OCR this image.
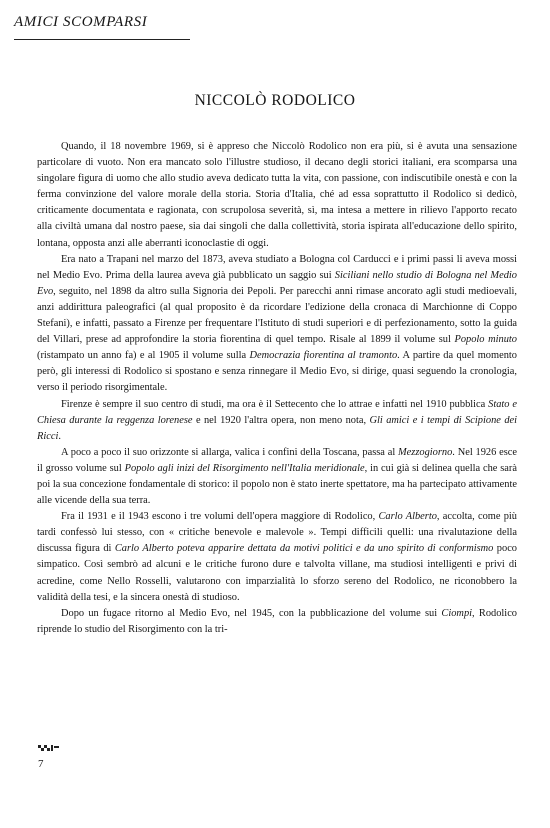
AMICI SCOMPARSI
NICCOLÒ RODOLICO

Quando, il 18 novembre 1969, si è appreso che Niccolò Rodolico non era più, si è avuta una sensazione particolare di vuoto. Non era mancato solo l'illustre studioso, il decano degli storici italiani, era scomparsa una singolare figura di uomo che allo studio aveva dedicato tutta la vita, con passione, con indiscutibile onestà e con la ferma convinzione del valore morale della storia. Storia d'Italia, ché ad essa soprattutto il Rodolico si dedicò, criticamente documentata e ragionata, con scrupolosa severità, sì, ma intesa a mettere in rilievo l'apporto recato alla civiltà umana dal nostro paese, sia dai singoli che dalla collettività, storia ispirata all'educazione dello spirito, lontana, opposta anzi alle aberranti iconoclastie di oggi.

Era nato a Trapani nel marzo del 1873, aveva studiato a Bologna col Carducci e i primi passi li aveva mossi nel Medio Evo. Prima della laurea aveva già pubblicato un saggio sui Siciliani nello studio di Bologna nel Medio Evo, seguito, nel 1898 da altro sulla Signoria dei Pepoli. Per parecchi anni rimase ancorato agli studi medioevali, anzi addirittura paleografici (al qual proposito è da ricordare l'edizione della cronaca di Marchionne di Coppo Stefani), e infatti, passato a Firenze per frequentare l'Istituto di studi superiori e di perfezionamento, sotto la guida del Villari, prese ad approfondire la storia fiorentina di quel tempo. Risale al 1899 il volume sul Popolo minuto (ristampato un anno fa) e al 1905 il volume sulla Democrazia fiorentina al tramonto. A partire da quel momento però, gli interessi di Rodolico si spostano e senza rinnegare il Medio Evo, si dirige, quasi seguendo la cronologia, verso il periodo risorgimentale.

Firenze è sempre il suo centro di studi, ma ora è il Settecento che lo attrae e infatti nel 1910 pubblica Stato e Chiesa durante la reggenza lorenese e nel 1920 l'altra opera, non meno nota, Gli amici e i tempi di Scipione dei Ricci.

A poco a poco il suo orizzonte si allarga, valica i confini della Toscana, passa al Mezzogiorno. Nel 1926 esce il grosso volume sul Popolo agli inizi del Risorgimento nell'Italia meridionale, in cui già si delinea quella che sarà poi la sua concezione fondamentale di storico: il popolo non è stato inerte spettatore, ma ha partecipato attivamente alle vicende della sua terra.

Fra il 1931 e il 1943 escono i tre volumi dell'opera maggiore di Rodolico, Carlo Alberto, accolta, come più tardi confessò lui stesso, con « critiche benevole e malevole ». Tempi difficili quelli: una rivalutazione della discussa figura di Carlo Alberto poteva apparire dettata da motivi politici e da uno spirito di conformismo poco simpatico. Così sembrò ad alcuni e le critiche furono dure e talvolta villane, ma studiosi intelligenti e privi di acredine, come Nello Rosselli, valutarono con imparzialità lo sforzo sereno del Rodolico, ne riconobbero la validità della tesi, e la sincera onestà di studioso.

Dopo un fugace ritorno al Medio Evo, nel 1945, con la pubblicazione del volume sui Ciompi, Rodolico riprende lo studio del Risorgimento con la tri-

7
